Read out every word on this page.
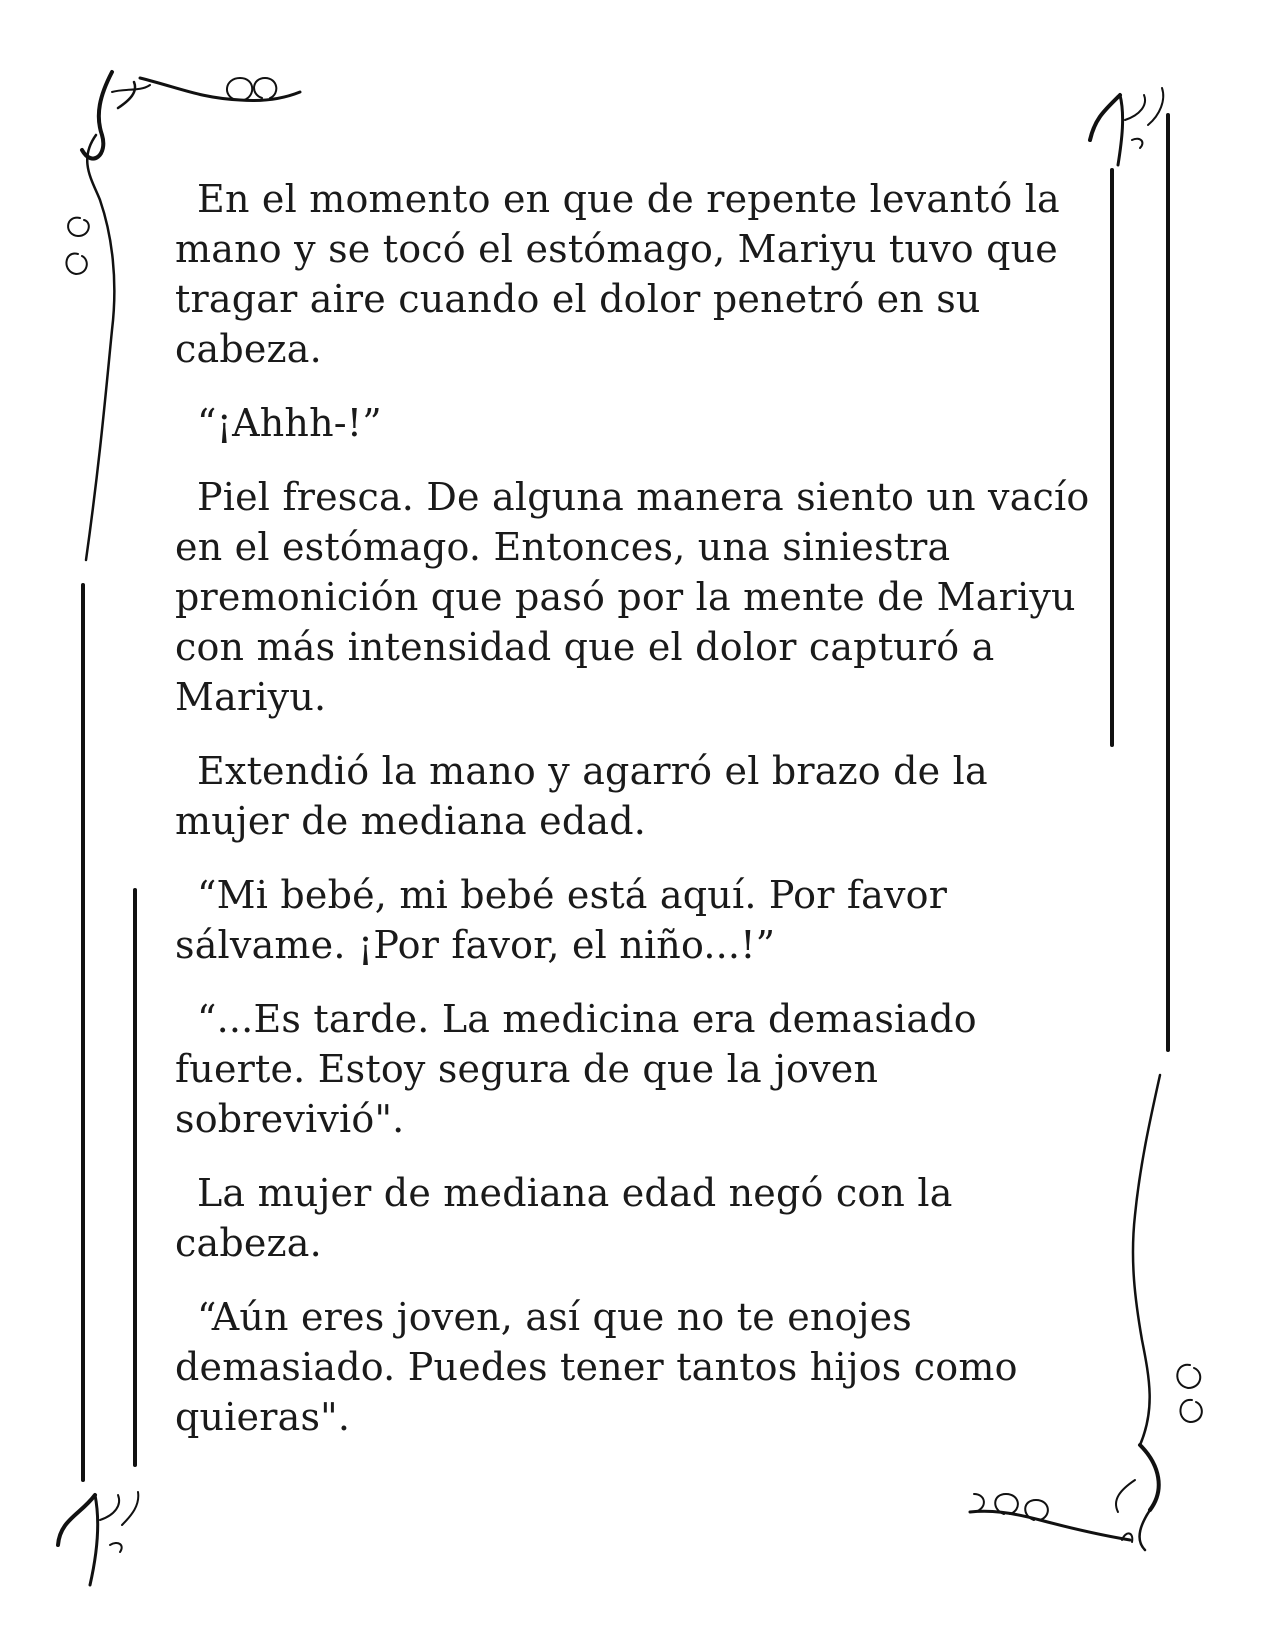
En el momento en que de repente levantó la mano y se tocó el estómago, Mariyu tuvo que tragar aire cuando el dolor penetró en su cabeza.

“¡Ahhh-!”

Piel fresca. De alguna manera siento un vacío en el estómago. Entonces, una siniestra premonición que pasó por la mente de Mariyu con más intensidad que el dolor capturó a Mariyu.

Extendió la mano y agarró el brazo de la mujer de mediana edad.

“Mi bebé, mi bebé está aquí. Por favor sálvame. ¡Por favor, el niño...!”

“...Es tarde. La medicina era demasiado fuerte. Estoy segura de que la joven sobrevivió".

La mujer de mediana edad negó con la cabeza.

“Aún eres joven, así que no te enojes demasiado. Puedes tener tantos hijos como quieras".
